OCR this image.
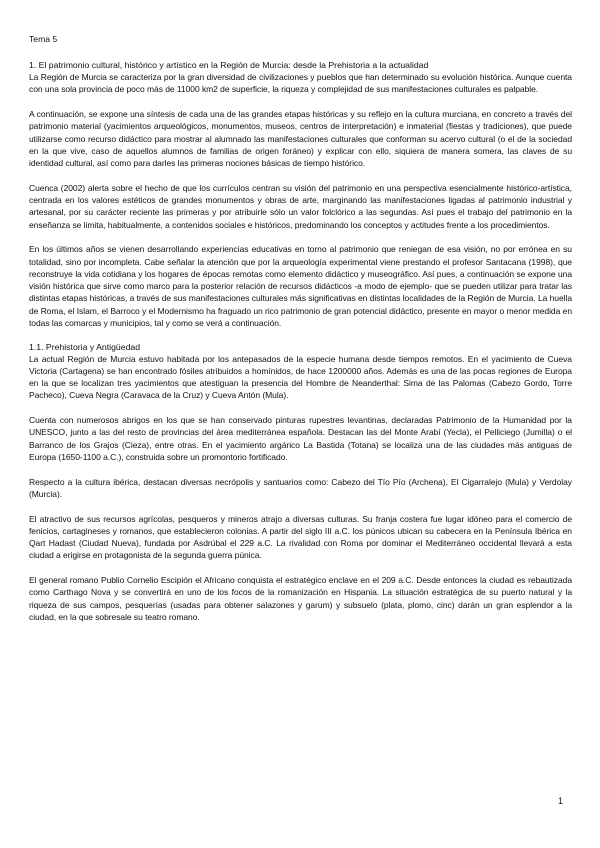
Tema 5
1. El patrimonio cultural, histórico y artístico en la Región de Murcia: desde la Prehistoria a la actualidad

La Región de Murcia se caracteriza por la gran diversidad de civilizaciones y pueblos que han determinado su evolución histórica. Aunque cuenta con una sola provincia de poco más de 11000 km2 de superficie, la riqueza y complejidad de sus manifestaciones culturales es palpable.

A continuación, se expone una síntesis de cada una de las grandes etapas históricas y su reflejo en la cultura murciana, en concreto a través del patrimonio material (yacimientos arqueológicos, monumentos, museos, centros de interpretación) e inmaterial (fiestas y tradiciones), que puede utilizarse como recurso didáctico para mostrar al alumnado las manifestaciones culturales que conforman su acervo cultural (o el de la sociedad en la que vive, caso de aquellos alumnos de familias de origen foráneo) y explicar con ello, siquiera de manera somera, las claves de su identidad cultural, así como para darles las primeras nociones básicas de tiempo histórico.

Cuenca (2002) alerta sobre el hecho de que los currículos centran su visión del patrimonio en una perspectiva esencialmente histórico-artística, centrada en los valores estéticos de grandes monumentos y obras de arte, marginando las manifestaciones ligadas al patrimonio industrial y artesanal, por su carácter reciente las primeras y por atribuirle sólo un valor folclórico a las segundas. Así pues el trabajo del patrimonio en la enseñanza se limita, habitualmente, a contenidos sociales e históricos, predominando los conceptos y actitudes frente a los procedimientos.

En los últimos años se vienen desarrollando experiencias educativas en torno al patrimonio que reniegan de esa visión, no por errónea en su totalidad, sino por incompleta. Cabe señalar la atención que por la arqueología experimental viene prestando el profesor Santacana (1998), que reconstruye la vida cotidiana y los hogares de épocas remotas como elemento didáctico y museográfico. Así pues, a continuación se expone una visión histórica que sirve como marco para la posterior relación de recursos didácticos -a modo de ejemplo- que se pueden utilizar para tratar las distintas etapas históricas, a través de sus manifestaciones culturales más significativas en distintas localidades de la Región de Murcia. La huella de Roma, el Islam, el Barroco y el Modernismo ha fraguado un rico patrimonio de gran potencial didáctico, presente en mayor o menor medida en todas las comarcas y municipios, tal y como se verá a continuación.

1.1. Prehistoria y Antigüedad

La actual Región de Murcia estuvo habitada por los antepasados de la especie humana desde tiempos remotos. En el yacimiento de Cueva Victoria (Cartagena) se han encontrado fósiles atribuidos a homínidos, de hace 1200000 años. Además es una de las pocas regiones de Europa en la que se localizan tres yacimientos que atestiguan la presencia del Hombre de Neanderthal: Sima de las Palomas (Cabezo Gordo, Torre Pacheco), Cueva Negra (Caravaca de la Cruz) y Cueva Antón (Mula).

Cuenta con numerosos abrigos en los que se han conservado pinturas rupestres levantinas, declaradas Patrimonio de la Humanidad por la UNESCO, junto a las del resto de provincias del área mediterránea española. Destacan las del Monte Arabí (Yecla), el Pelliciego (Jumilla) o el Barranco de los Grajos (Cieza), entre otras. En el yacimiento argárico La Bastida (Totana) se localiza una de las ciudades más antiguas de Europa (1650-1100 a.C.), construida sobre un promontorio fortificado.

Respecto a la cultura ibérica, destacan diversas necrópolis y santuarios como: Cabezo del Tío Pío (Archena), El Cigarralejo (Mula) y Verdolay (Murcia).

El atractivo de sus recursos agrícolas, pesqueros y mineros atrajo a diversas culturas. Su franja costera fue lugar idóneo para el comercio de fenicios, cartagineses y romanos, que establecieron colonias. A partir del siglo III a.C. los púnicos ubican su cabecera en la Península Ibérica en Qart Hadast (Ciudad Nueva), fundada por Asdrúbal el 229 a.C. La rivalidad con Roma por dominar el Mediterráneo occidental llevará a esta ciudad a erigirse en protagonista de la segunda guerra púnica.

El general romano Publio Cornelio Escipión el Africano conquista el estratégico enclave en el 209 a.C. Desde entonces la ciudad es rebautizada como Carthago Nova y se convertirá en uno de los focos de la romanización en Hispania. La situación estratégica de su puerto natural y la riqueza de sus campos, pesquerías (usadas para obtener salazones y garum) y subsuelo (plata, plomo, cinc) darán un gran esplendor a la ciudad, en la que sobresale su teatro romano.

1
